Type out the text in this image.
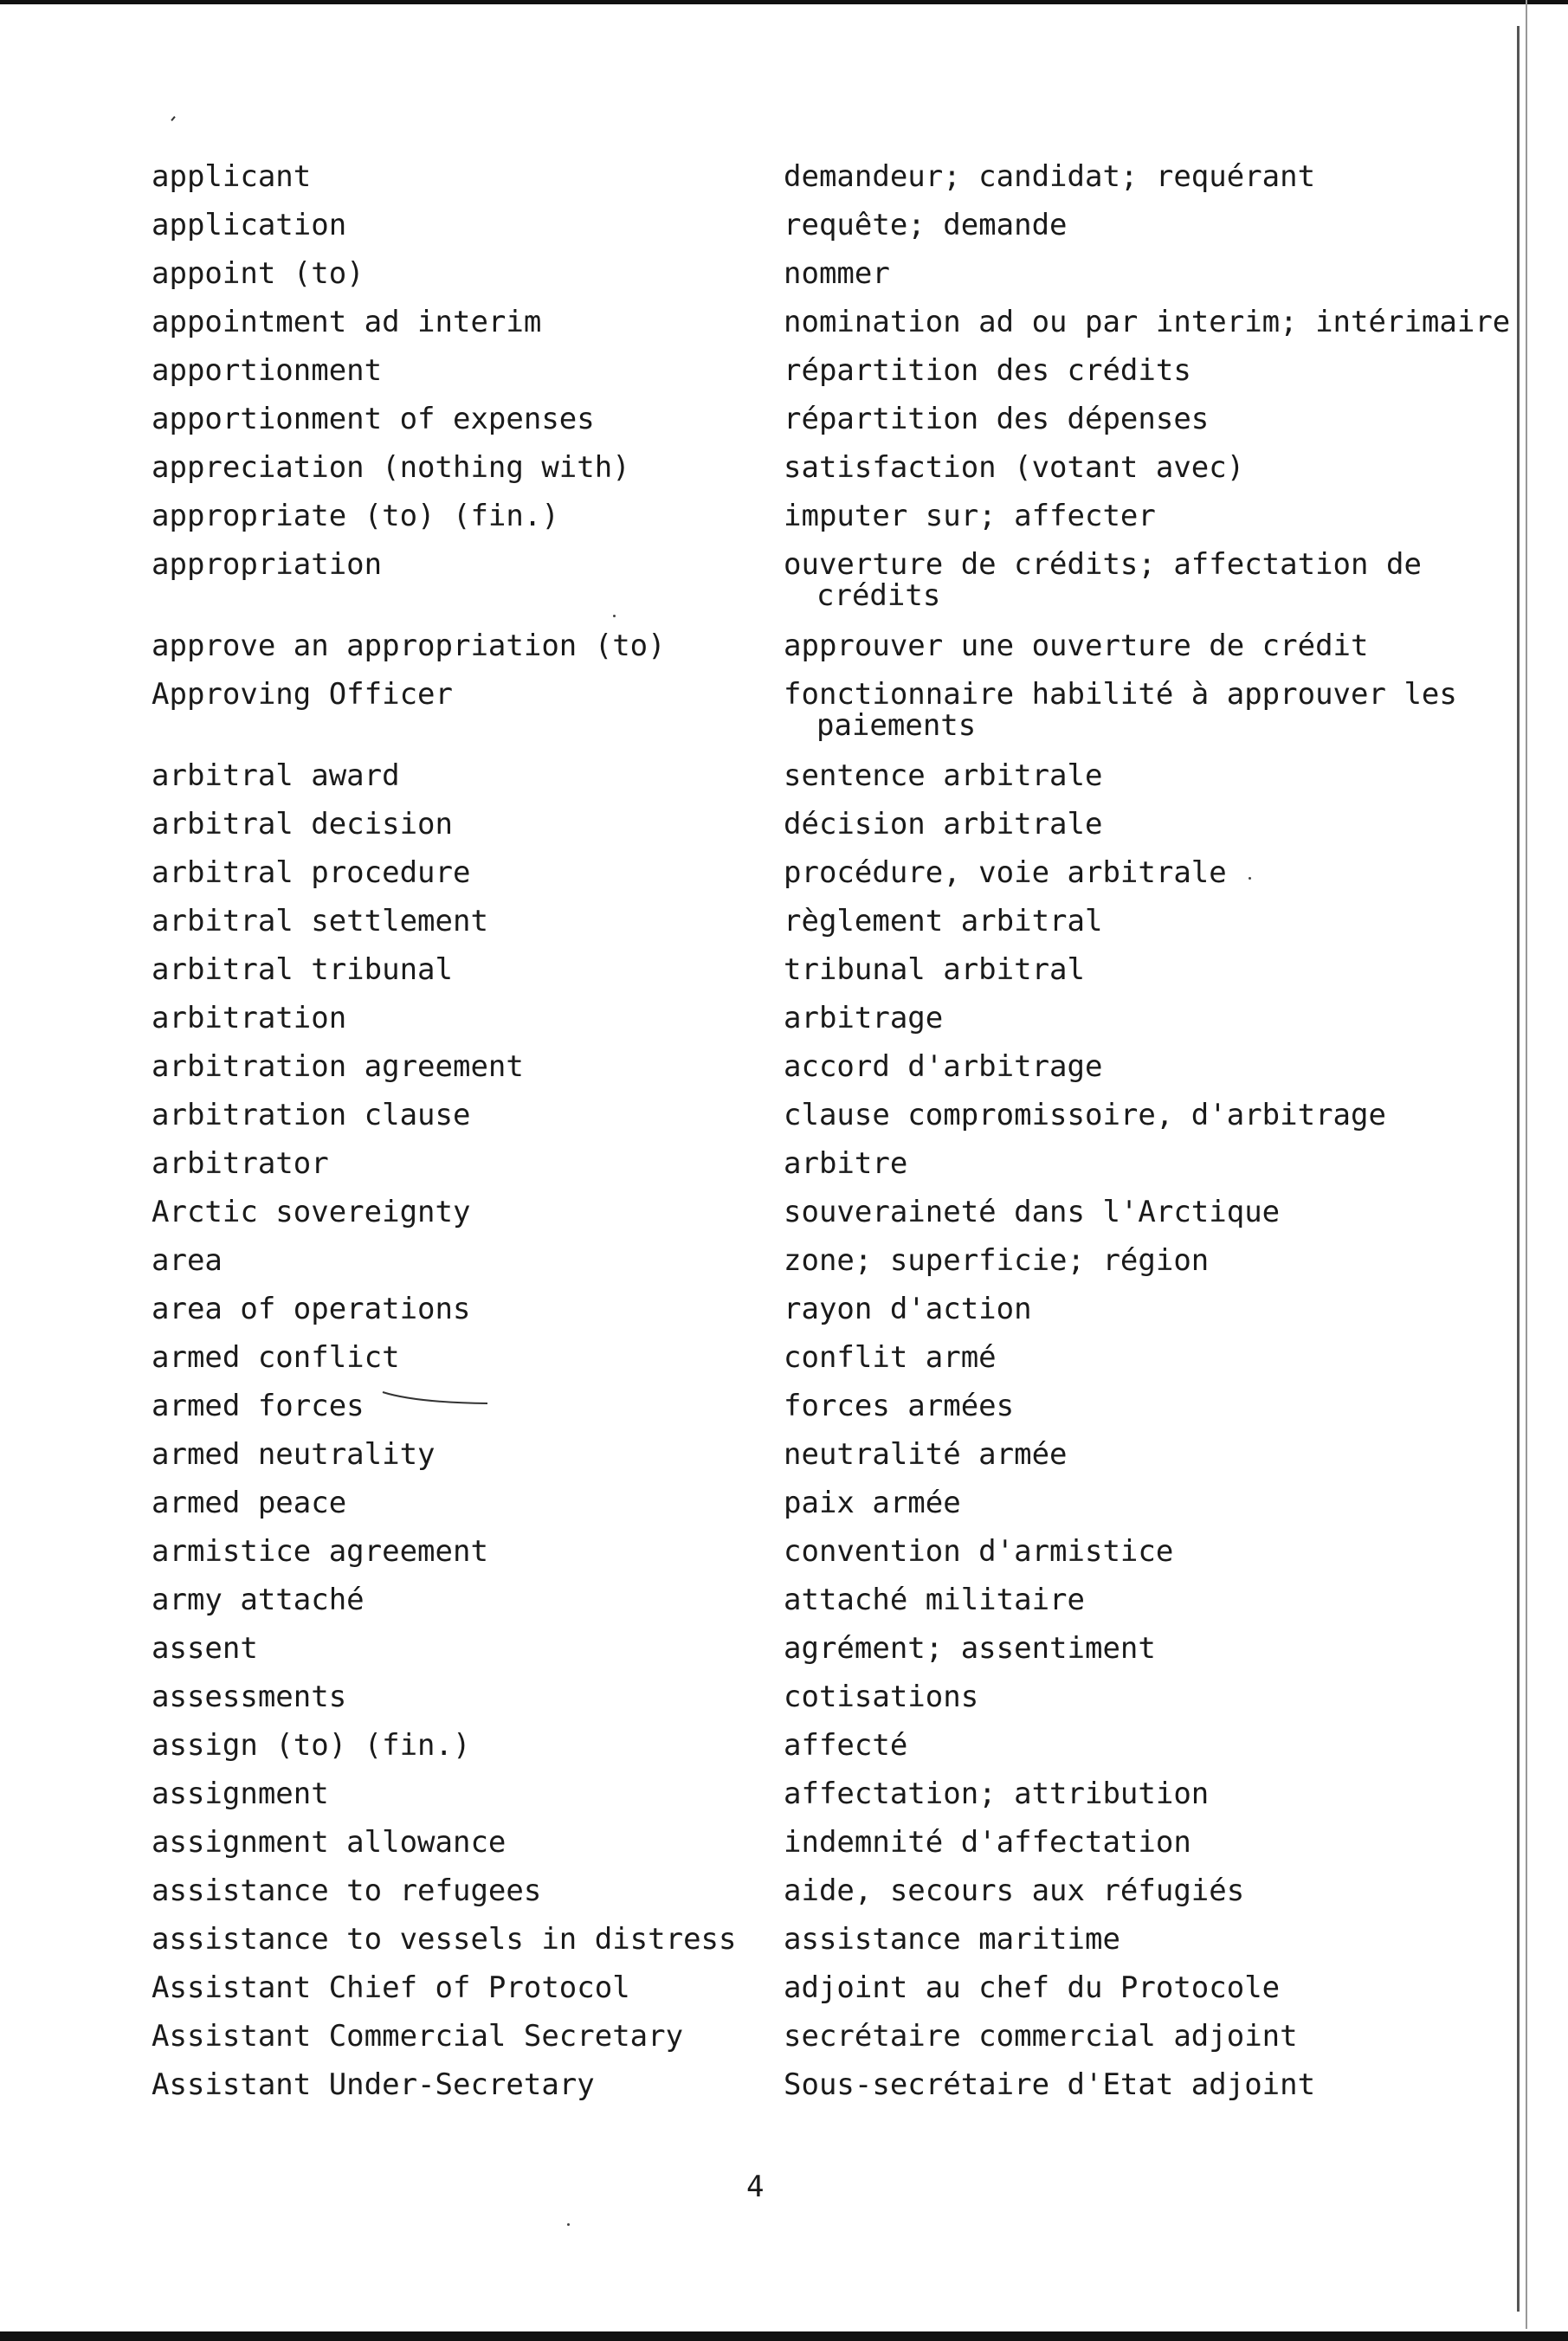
applicant

	demandeur; candidat; requérant

application

	requête; demande

appoint (to)

	nommer

appointment ad interim

	nomination ad ou par interim; intérimaire

apportionment

	répartition des crédits

apportionment of expenses

	répartition des dépenses

appreciation (nothing with)

	satisfaction (votant avec)

appropriate (to) (fin.)

	imputer sur; affecter

appropriation

	ouverture de crédits; affectation de
crédits

approve an appropriation (to)

	approuver une ouverture de crédit

Approving Officer

	fonctionnaire habilité à approuver les
paiements

arbitral award

	sentence arbitrale

arbitral decision

	décision arbitrale

arbitral procedure

	procédure, voie arbitrale

arbitral settlement

	règlement arbitral

arbitral tribunal

	tribunal arbitral

arbitration

	arbitrage

arbitration agreement

	accord d'arbitrage

arbitration clause

	clause compromissoire, d'arbitrage

arbitrator

	arbitre

Arctic sovereignty

	souveraineté dans l'Arctique

area

	zone; superficie; région

area of operations

	rayon d'action

armed conflict

	conflit armé

armed forces

	forces armées

armed neutrality

	neutralité armée

armed peace

	paix armée

armistice agreement

	convention d'armistice

army attaché

	attaché militaire

assent

	agrément; assentiment

assessments

	cotisations

assign (to) (fin.)

	affecté

assignment

	affectation; attribution

assignment allowance

	indemnité d'affectation

assistance to refugees

	aide, secours aux réfugiés

assistance to vessels in distress

assistance maritime

Assistant Chief of Protocol

	adjoint au chef du Protocole

Assistant Commercial Secretary

	secrétaire commercial adjoint

Assistant Under-Secretary

	Sous-secrétaire d'Etat adjoint

4
